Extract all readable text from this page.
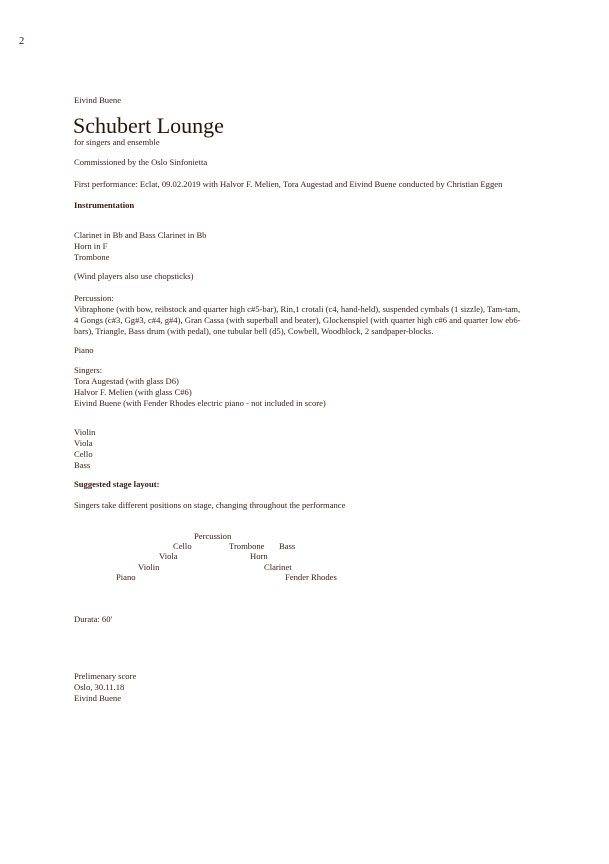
2
Eivind Buene
Schubert Lounge
for singers and ensemble
Commissioned by the Oslo Sinfonietta
First performance: Eclat, 09.02.2019 with Halvor F. Melien, Tora Augestad and Eivind Buene conducted by Christian Eggen
Instrumentation
Clarinet in Bb and Bass Clarinet in Bb
Horn in F
Trombone
(Wind players also use chopsticks)
Percussion:
Vibraphone (with bow, reibstock and quarter high c#5-bar), Rin,1 crotali (c4, hand-held), suspended cymbals (1 sizzle), Tam-tam, 4 Gongs (c#3, Gg#3, c#4, g#4), Gran Cassa (with superball and beater), Glockenspiel (with quarter high c#6 and quarter low eb6-bars), Triangle, Bass drum (with pedal), one tubular bell (d5), Cowbell, Woodblock, 2 sandpaper-blocks.
Piano
Singers:
Tora Augestad (with glass D6)
Halvor F. Melien (with glass C#6)
Eivind Buene (with Fender Rhodes electric piano - not included in score)
Violin
Viola
Cello
Bass
Suggested stage layout:
Singers take different positions on stage, changing throughout the performance
Percussion
Cello	Trombone Bass
Viola	Horn
Violin	Clarinet
Piano	Fender Rhodes
Durata: 60'
Prelimenary score
Oslo, 30.11.18
Eivind Buene
